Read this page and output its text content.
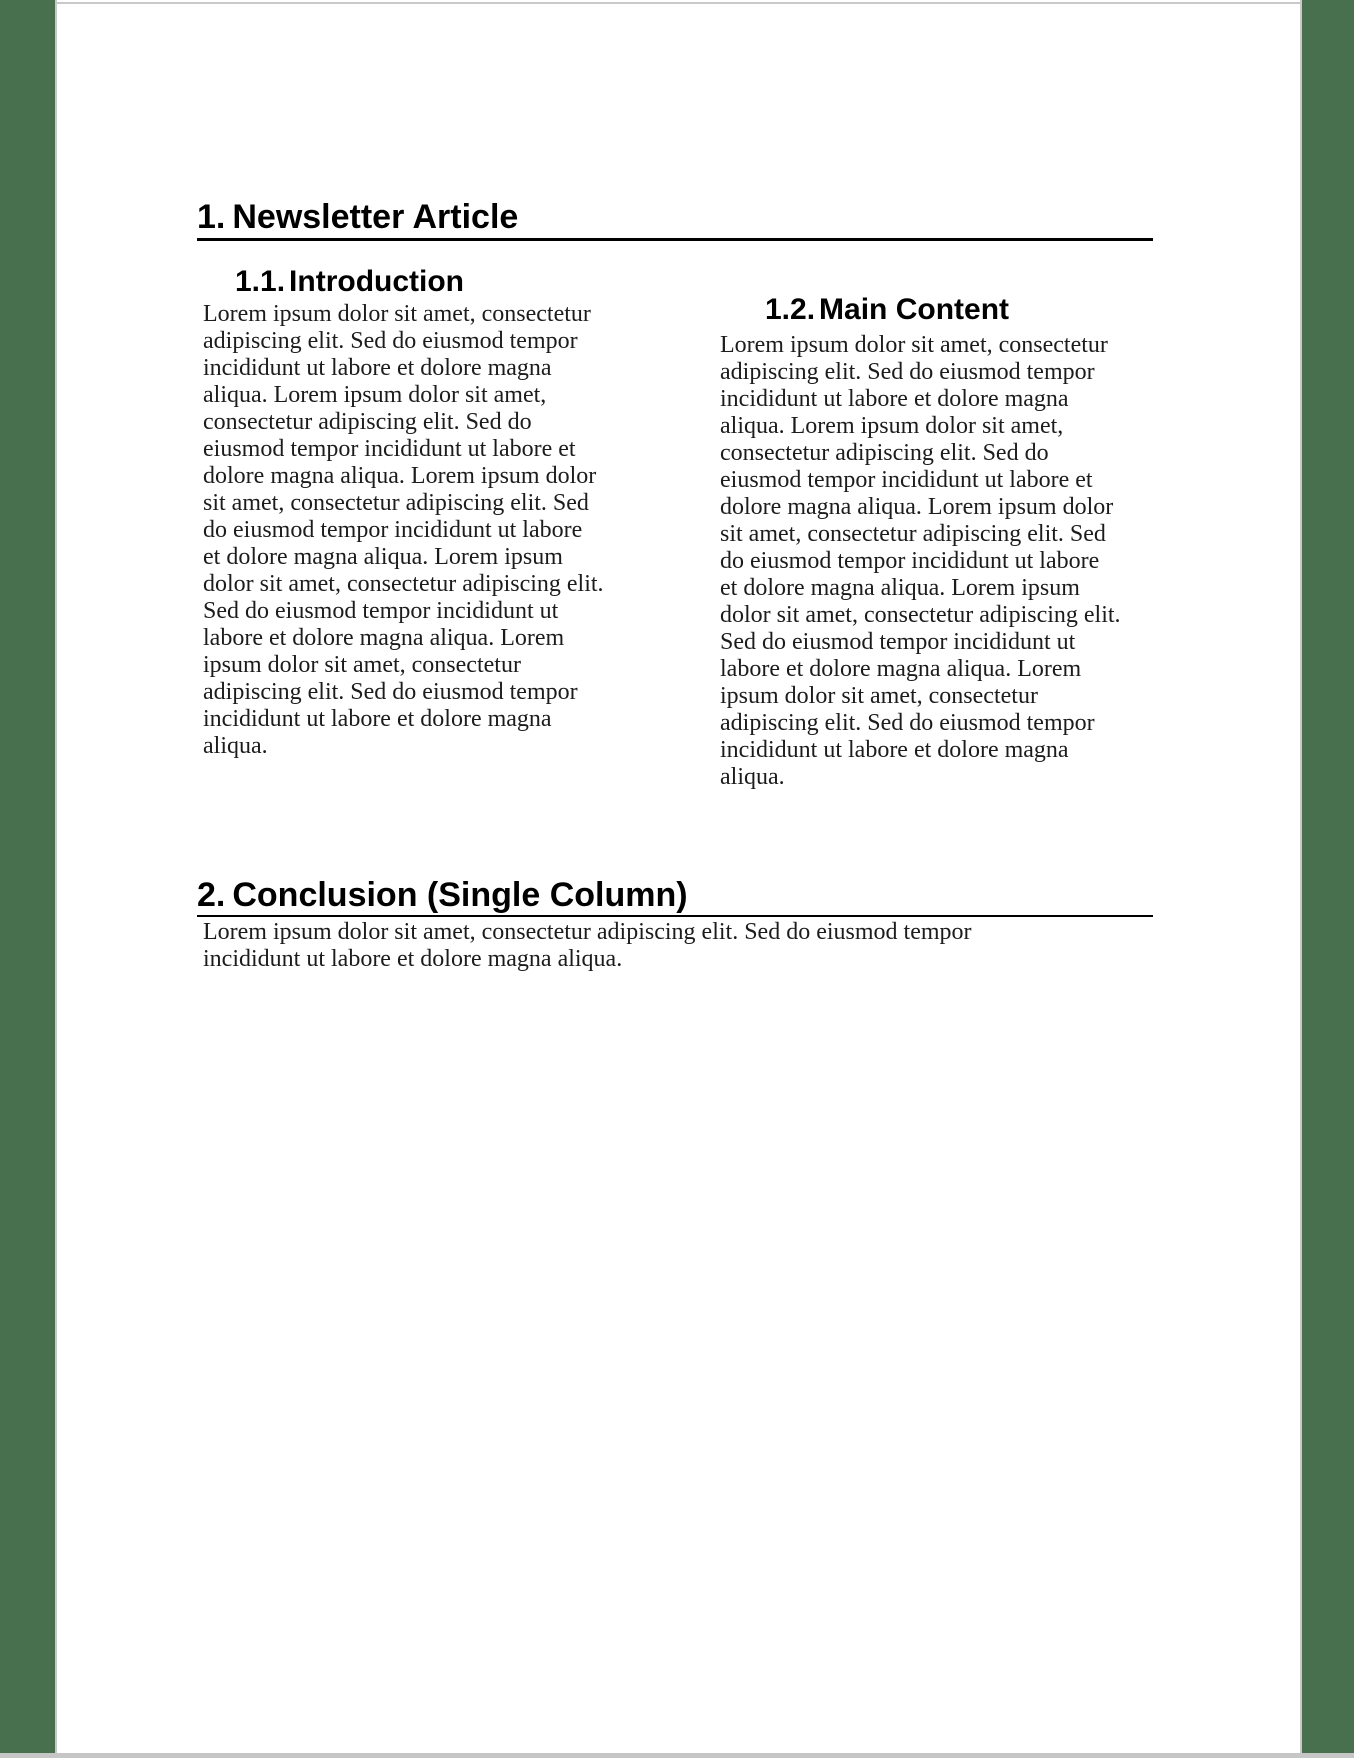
1. Newsletter Article
1.1. Introduction
Lorem ipsum dolor sit amet, consectetur
adipiscing elit. Sed do eiusmod tempor
incididunt ut labore et dolore magna
aliqua. Lorem ipsum dolor sit amet,
consectetur adipiscing elit. Sed do
eiusmod tempor incididunt ut labore et
dolore magna aliqua. Lorem ipsum dolor
sit amet, consectetur adipiscing elit. Sed
do eiusmod tempor incididunt ut labore
et dolore magna aliqua. Lorem ipsum
dolor sit amet, consectetur adipiscing elit.
Sed do eiusmod tempor incididunt ut
labore et dolore magna aliqua. Lorem
ipsum dolor sit amet, consectetur
adipiscing elit. Sed do eiusmod tempor
incididunt ut labore et dolore magna
aliqua.
1.2. Main Content
Lorem ipsum dolor sit amet, consectetur
adipiscing elit. Sed do eiusmod tempor
incididunt ut labore et dolore magna
aliqua. Lorem ipsum dolor sit amet,
consectetur adipiscing elit. Sed do
eiusmod tempor incididunt ut labore et
dolore magna aliqua. Lorem ipsum dolor
sit amet, consectetur adipiscing elit. Sed
do eiusmod tempor incididunt ut labore
et dolore magna aliqua. Lorem ipsum
dolor sit amet, consectetur adipiscing elit.
Sed do eiusmod tempor incididunt ut
labore et dolore magna aliqua. Lorem
ipsum dolor sit amet, consectetur
adipiscing elit. Sed do eiusmod tempor
incididunt ut labore et dolore magna
aliqua.
2. Conclusion (Single Column)
Lorem ipsum dolor sit amet, consectetur adipiscing elit. Sed do eiusmod tempor
incididunt ut labore et dolore magna aliqua.
